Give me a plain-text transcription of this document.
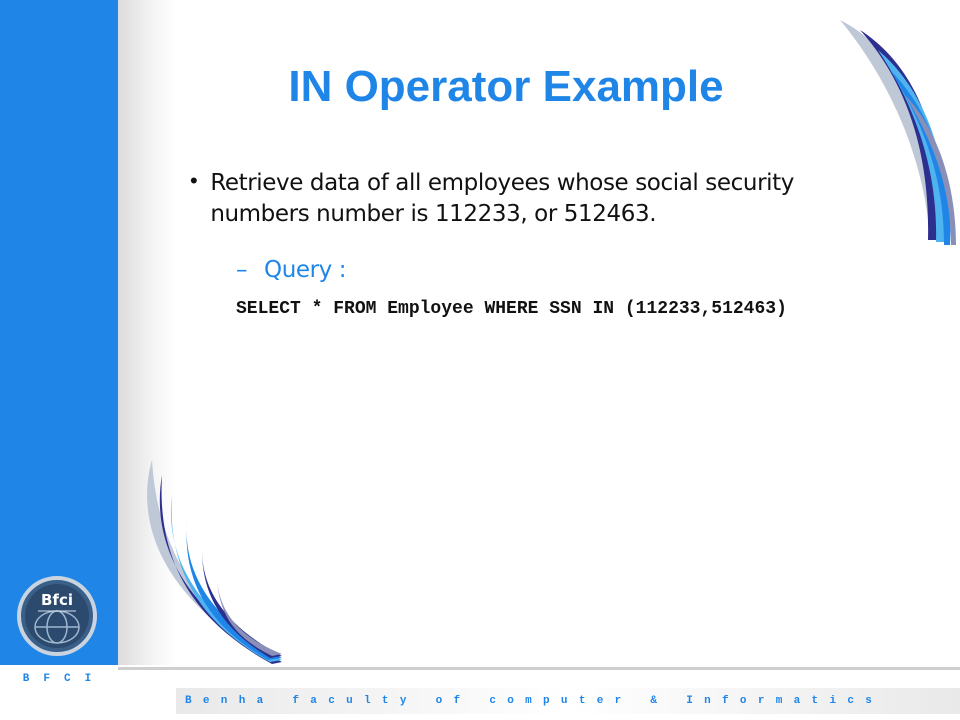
IN Operator Example
• Retrieve data of all employees whose social security numbers number is 112233, or 512463.
– Query :
SELECT * FROM Employee WHERE SSN IN (112233,512463)
Bfci
BFCI
Benha faculty of computer & Informatics
